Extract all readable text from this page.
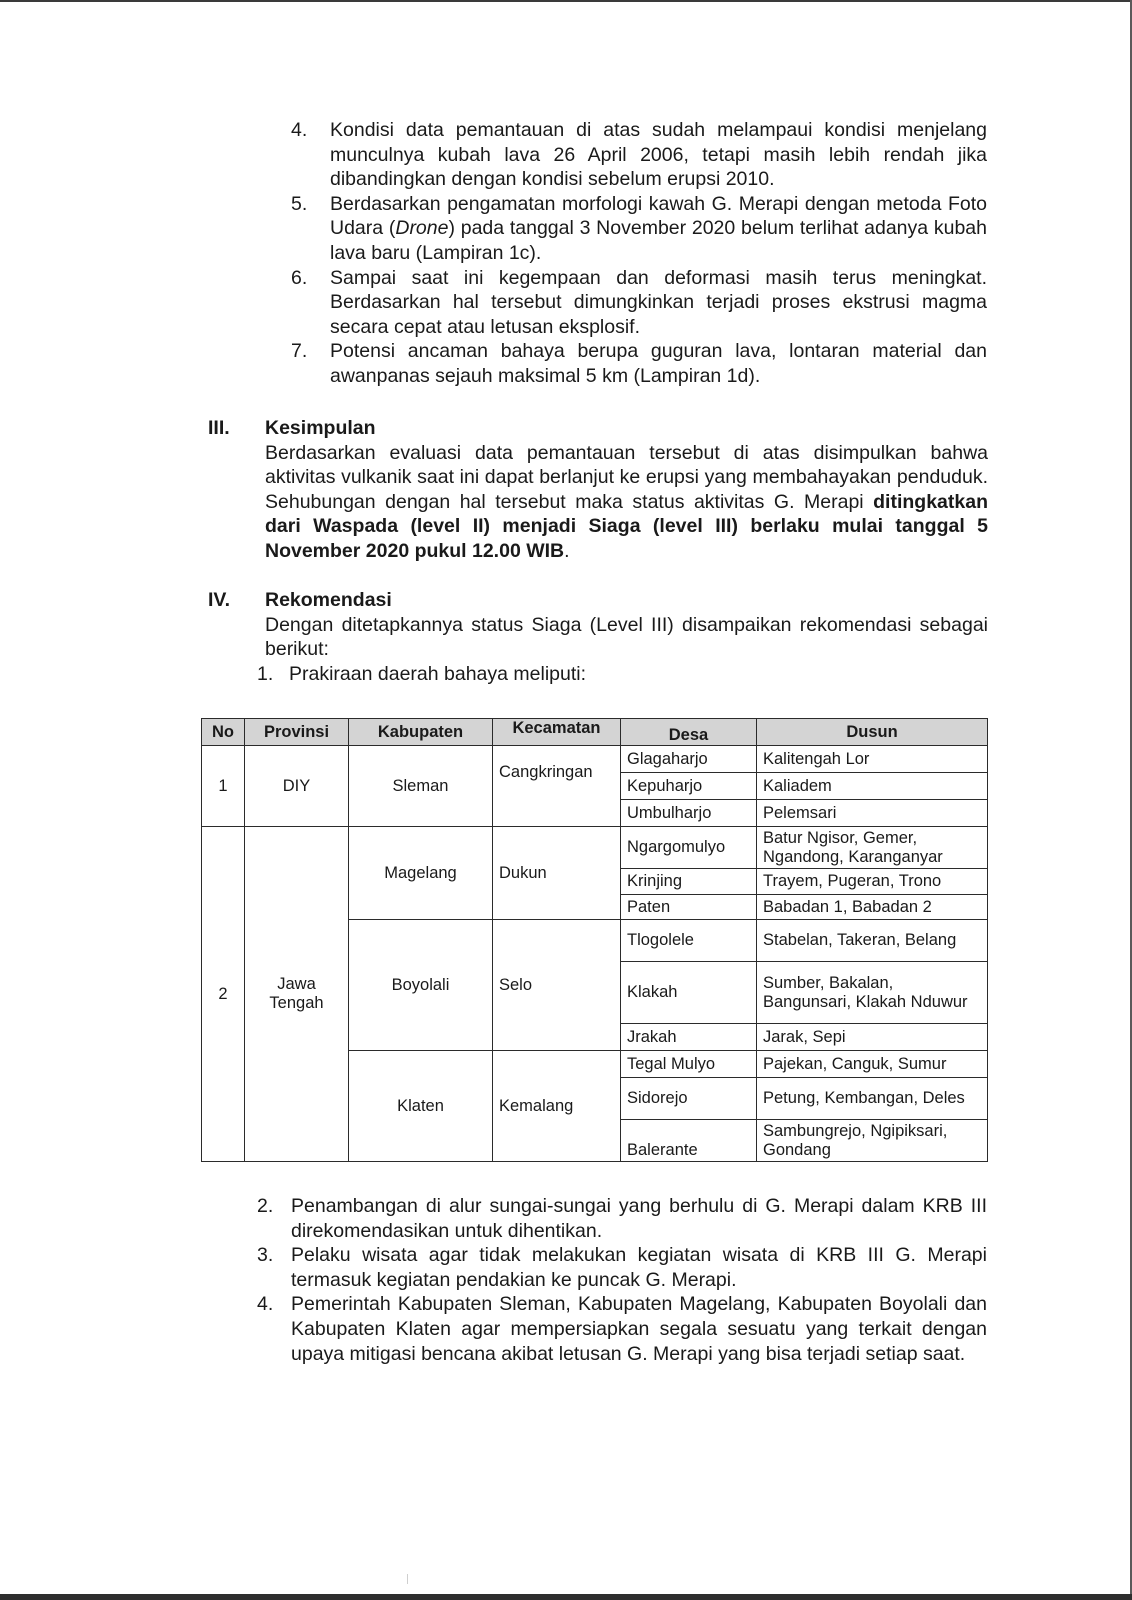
4.	Kondisi data pemantauan di atas sudah melampaui kondisi menjelang munculnya kubah lava 26 April 2006, tetapi masih lebih rendah jika dibandingkan dengan kondisi sebelum erupsi 2010.
5.	Berdasarkan pengamatan morfologi kawah G. Merapi dengan metoda Foto Udara (Drone) pada tanggal 3 November 2020 belum terlihat adanya kubah lava baru (Lampiran 1c).
6.	Sampai saat ini kegempaan dan deformasi masih terus meningkat. Berdasarkan hal tersebut dimungkinkan terjadi proses ekstrusi magma secara cepat atau letusan eksplosif.
7.	Potensi ancaman bahaya berupa guguran lava, lontaran material dan awanpanas sejauh maksimal 5 km (Lampiran 1d).
III.	Kesimpulan
Berdasarkan evaluasi data pemantauan tersebut di atas disimpulkan bahwa aktivitas vulkanik saat ini dapat berlanjut ke erupsi yang membahayakan penduduk. Sehubungan dengan hal tersebut maka status aktivitas G. Merapi ditingkatkan dari Waspada (level II) menjadi Siaga (level III) berlaku mulai tanggal 5 November 2020 pukul 12.00 WIB.
IV.	Rekomendasi
Dengan ditetapkannya status Siaga (Level III) disampaikan rekomendasi sebagai berikut:
1. Prakiraan daerah bahaya meliputi:
No	Provinsi	Kabupaten	Kecamatan	Desa	Dusun
1	DIY	Sleman	Cangkringan	Glagaharjo	Kalitengah Lor
				Kepuharjo	Kaliadem
				Umbulharjo	Pelemsari
2	Jawa Tengah	Magelang	Dukun	Ngargomulyo	Batur Ngisor, Gemer, Ngandong, Karanganyar
				Krinjing	Trayem, Pugeran, Trono
				Paten	Babadan 1, Babadan 2
		Boyolali	Selo	Tlogolele	Stabelan, Takeran, Belang
				Klakah	Sumber, Bakalan, Bangunsari, Klakah Nduwur
				Jrakah	Jarak, Sepi
		Klaten	Kemalang	Tegal Mulyo	Pajekan, Canguk, Sumur
				Sidorejo	Petung, Kembangan, Deles
				Balerante	Sambungrejo, Ngipiksari, Gondang
2. Penambangan di alur sungai-sungai yang berhulu di G. Merapi dalam KRB III direkomendasikan untuk dihentikan.
3. Pelaku wisata agar tidak melakukan kegiatan wisata di KRB III G. Merapi termasuk kegiatan pendakian ke puncak G. Merapi.
4. Pemerintah Kabupaten Sleman, Kabupaten Magelang, Kabupaten Boyolali dan Kabupaten Klaten agar mempersiapkan segala sesuatu yang terkait dengan upaya mitigasi bencana akibat letusan G. Merapi yang bisa terjadi setiap saat.
